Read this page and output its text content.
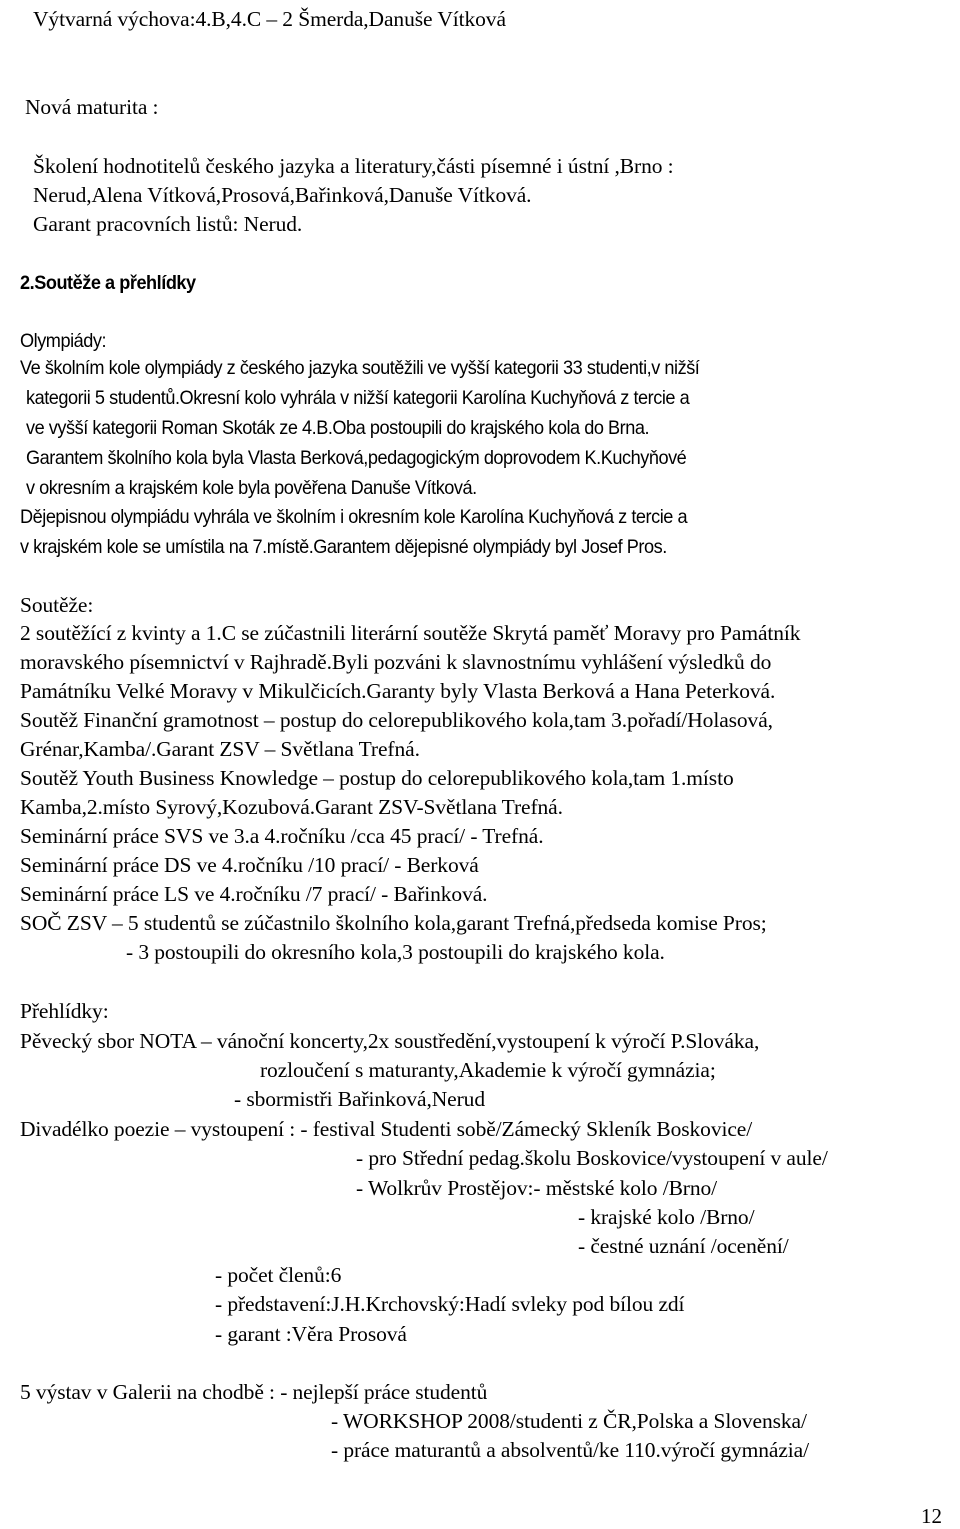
Výtvarná výchova:4.B,4.C – 2 Šmerda,Danuše Vítková
Nová maturita :
Školení hodnotitelů českého jazyka a literatury,části písemné i ústní ,Brno :
Nerud,Alena Vítková,Prosová,Bařinková,Danuše Vítková.
Garant pracovních listů: Nerud.
2.Soutěže a přehlídky
Olympiády:
Ve školním kole olympiády z českého jazyka soutěžili ve vyšší kategorii 33 studenti,v nižší
kategorii 5 studentů.Okresní kolo vyhrála v nižší kategorii Karolína Kuchyňová z tercie a
ve vyšší kategorii Roman Skoták ze 4.B.Oba postoupili do krajského kola do Brna.
Garantem školního kola byla Vlasta Berková,pedagogickým doprovodem K.Kuchyňové
v okresním a krajském kole byla pověřena Danuše Vítková.
Dějepisnou olympiádu vyhrála ve školním i okresním kole Karolína Kuchyňová z tercie a
v krajském kole se umístila na 7.místě.Garantem dějepisné olympiády byl Josef Pros.
Soutěže:
2 soutěžící z kvinty a 1.C se zúčastnili literární soutěže Skrytá paměť Moravy pro Památník
moravského písemnictví v Rajhradě.Byli pozváni k slavnostnímu vyhlášení výsledků do
Památníku Velké Moravy v Mikulčicích.Garanty byly Vlasta Berková a Hana Peterková.
Soutěž Finanční gramotnost – postup do celorepublikového kola,tam 3.pořadí/Holasová,
Grénar,Kamba/.Garant ZSV – Světlana Trefná.
Soutěž Youth Business Knowledge – postup do celorepublikového kola,tam 1.místo
Kamba,2.místo Syrový,Kozubová.Garant ZSV-Světlana Trefná.
Seminární práce SVS ve 3.a 4.ročníku /cca 45 prací/ - Trefná.
Seminární práce DS ve 4.ročníku /10 prací/ - Berková
Seminární práce LS ve 4.ročníku /7 prací/ - Bařinková.
SOČ ZSV – 5 studentů se zúčastnilo školního kola,garant Trefná,předseda komise Pros;
- 3 postoupili do okresního kola,3 postoupili do krajského kola.
Přehlídky:
Pěvecký sbor NOTA – vánoční koncerty,2x soustředění,vystoupení k výročí P.Slováka,
rozloučení s maturanty,Akademie k výročí gymnázia;
- sbormistři Bařinková,Nerud
Divadélko poezie – vystoupení : - festival Studenti sobě/Zámecký Skleník Boskovice/
- pro Střední pedag.školu Boskovice/vystoupení v aule/
- Wolkrův Prostějov:- městské kolo /Brno/
- krajské kolo /Brno/
- čestné uznání /ocenění/
- počet členů:6
- představení:J.H.Krchovský:Hadí svleky pod bílou zdí
- garant :Věra Prosová
5 výstav v Galerii na chodbě : - nejlepší práce studentů
- WORKSHOP 2008/studenti z ČR,Polska a Slovenska/
- práce maturantů a absolventů/ke 110.výročí gymnázia/
12
